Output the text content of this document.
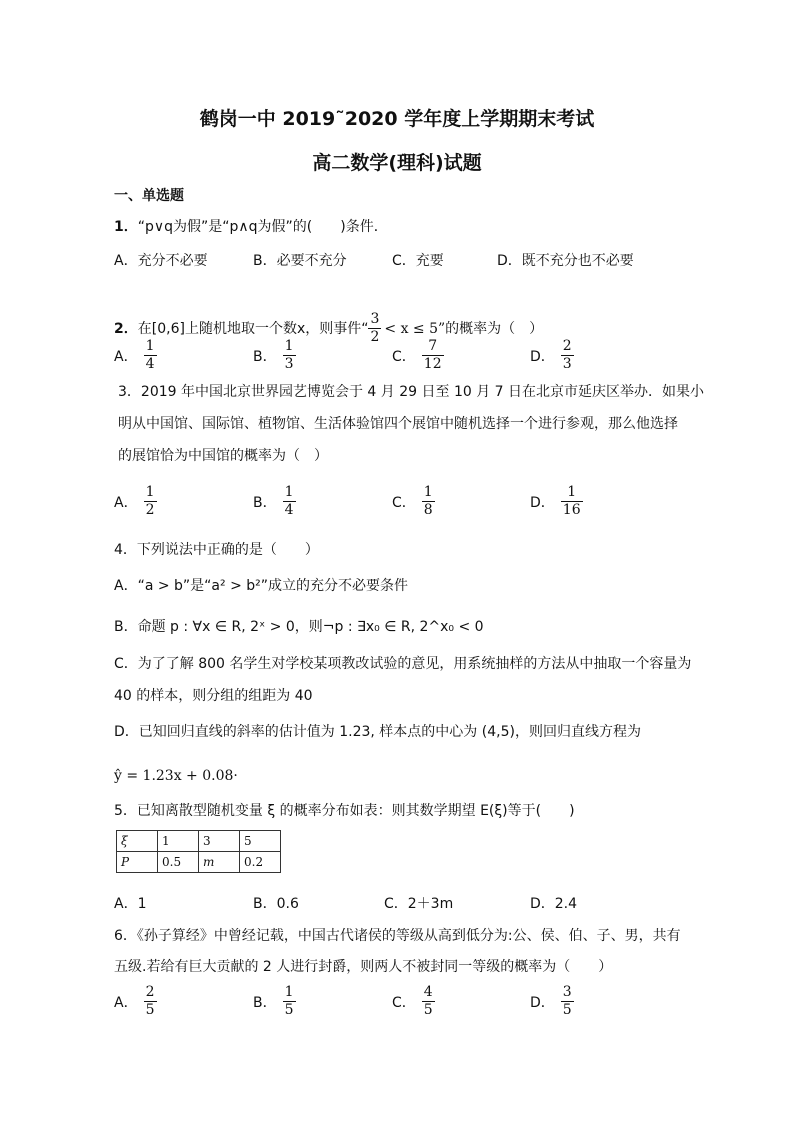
鹤岗一中 2019˜2020 学年度上学期期末考试
高二数学(理科)试题
一、单选题
1．“p∨q为假”是“p∧q为假”的(　　)条件．
A．充分不必要	B．必要不充分	C．充要	D．既不充分也不必要
2． 在[0,6]上随机地取一个数x，则事件“ $\frac{3}{2} < x \le 5$”的概率为（　）
A． $\frac{1}{4}$	B． $\frac{1}{3}$	C． $\frac{7}{12}$	D． $\frac{2}{3}$
3．2019 年中国北京世界园艺博览会于 4 月 29 日至 10 月 7 日在北京市延庆区举办．如果小
明从中国馆、国际馆、植物馆、生活体验馆四个展馆中随机选择一个进行参观，那么他选择
的展馆恰为中国馆的概率为（　）
A． $\frac{1}{2}$	B． $\frac{1}{4}$	C． $\frac{1}{8}$	D． $\frac{1}{16}$
4．下列说法中正确的是（　　）
A．“a > b”是“a² > b²”成立的充分不必要条件
B．命题 p : ∀x ∈ R, 2ˣ > 0，则¬p : ∃x₀ ∈ R, 2^x₀ < 0
C．为了了解 800 名学生对学校某项教改试验的意见，用系统抽样的方法从中抽取一个容量为
40 的样本，则分组的组距为 40
D．已知回归直线的斜率的估计值为 1.23, 样本点的中心为 (4,5)，则回归直线方程为
ŷ = 1.23x + 0.08·
5．已知离散型随机变量 ξ 的概率分布如表：则其数学期望 E(ξ)等于(　　)
ξ	1	3	5
P	0.5	m	0.2
A．1	B．0.6	C．2＋3m	D．2.4
6．《孙子算经》中曾经记载，中国古代诸侯的等级从高到低分为:公、侯、伯、子、男，共有
五级.若给有巨大贡献的 2 人进行封爵，则两人不被封同一等级的概率为（　　）
A． $\frac{2}{5}$	B． $\frac{1}{5}$	C． $\frac{4}{5}$	D． $\frac{3}{5}$
